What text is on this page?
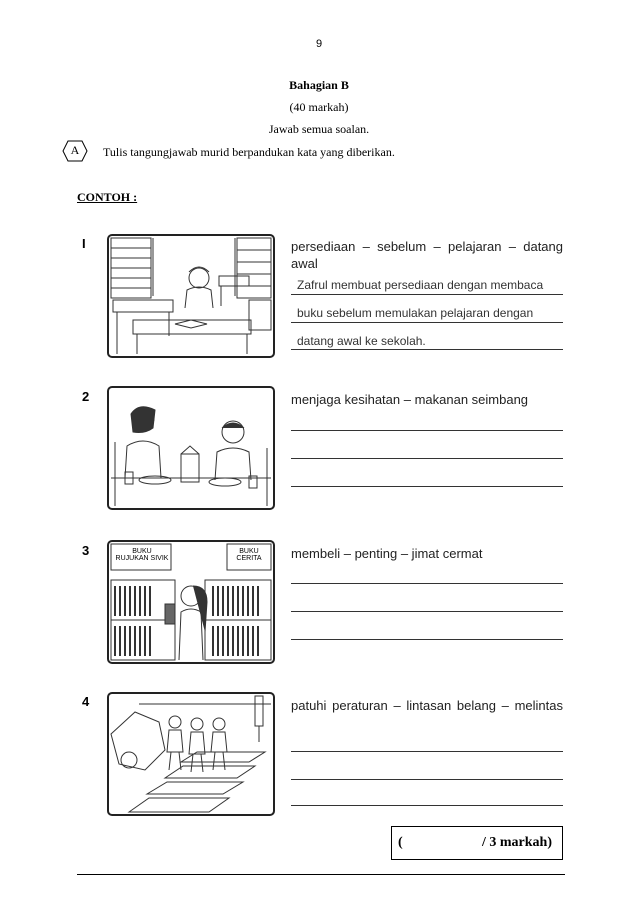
9
Bahagian B
(40 markah)
Jawab semua soalan.
A	Tulis tangungjawab murid berpandukan kata yang diberikan.
CONTOH :
I	persediaan – sebelum – pelajaran – datang awal
Zafrul membuat persediaan dengan membaca
buku sebelum memulakan pelajaran dengan
datang awal ke sekolah.
2	menjaga kesihatan – makanan seimbang
3	BUKU RUJUKAN SIVIK
BUKU CERITA	membeli – penting – jimat cermat
4	patuhi peraturan – lintasan belang – melintas
(	/ 3 markah)
